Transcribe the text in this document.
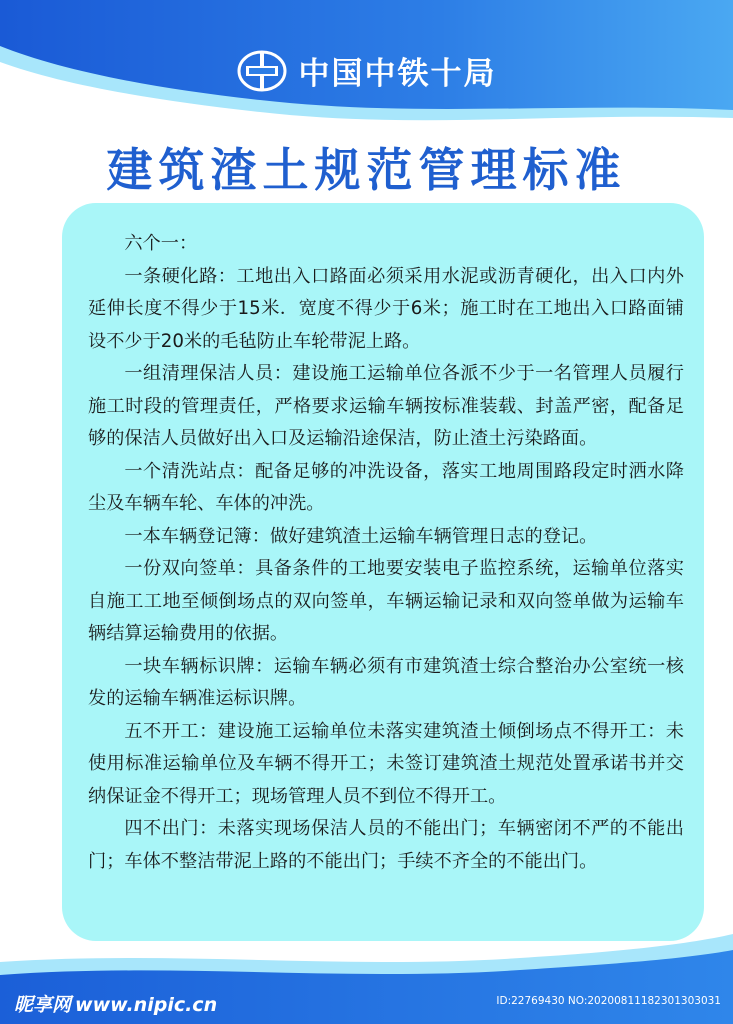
中国中铁十局
建筑渣土规范管理标准

六个一：

一条硬化路：工地出入口路面必须采用水泥或沥青硬化，出入口内外延伸长度不得少于15米．宽度不得少于6米；施工时在工地出入口路面铺设不少于20米的毛毡防止车轮带泥上路。

一组清理保洁人员：建设施工运输单位各派不少于一名管理人员履行施工时段的管理责任，严格要求运输车辆按标准装载、封盖严密，配备足够的保洁人员做好出入口及运输沿途保洁，防止渣土污染路面。

一个清洗站点：配备足够的冲洗设备，落实工地周围路段定时洒水降尘及车辆车轮、车体的冲洗。

一本车辆登记簿：做好建筑渣土运输车辆管理日志的登记。

一份双向签单：具备条件的工地要安装电子监控系统，运输单位落实自施工工地至倾倒场点的双向签单，车辆运输记录和双向签单做为运输车辆结算运输费用的依据。

一块车辆标识牌：运输车辆必须有市建筑渣士综合整治办公室统一核发的运输车辆准运标识牌。

五不开工：建设施工运输单位未落实建筑渣土倾倒场点不得开工：未使用标准运输单位及车辆不得开工；未签订建筑渣土规范处置承诺书并交纳保证金不得开工；现场管理人员不到位不得开工。

四不出门：未落实现场保洁人员的不能出门；车辆密闭不严的不能出门；车体不整洁带泥上路的不能出门；手续不齐全的不能出门。

昵享网 www.nipic.cn	ID:22769430 NO:20200811182301303031
